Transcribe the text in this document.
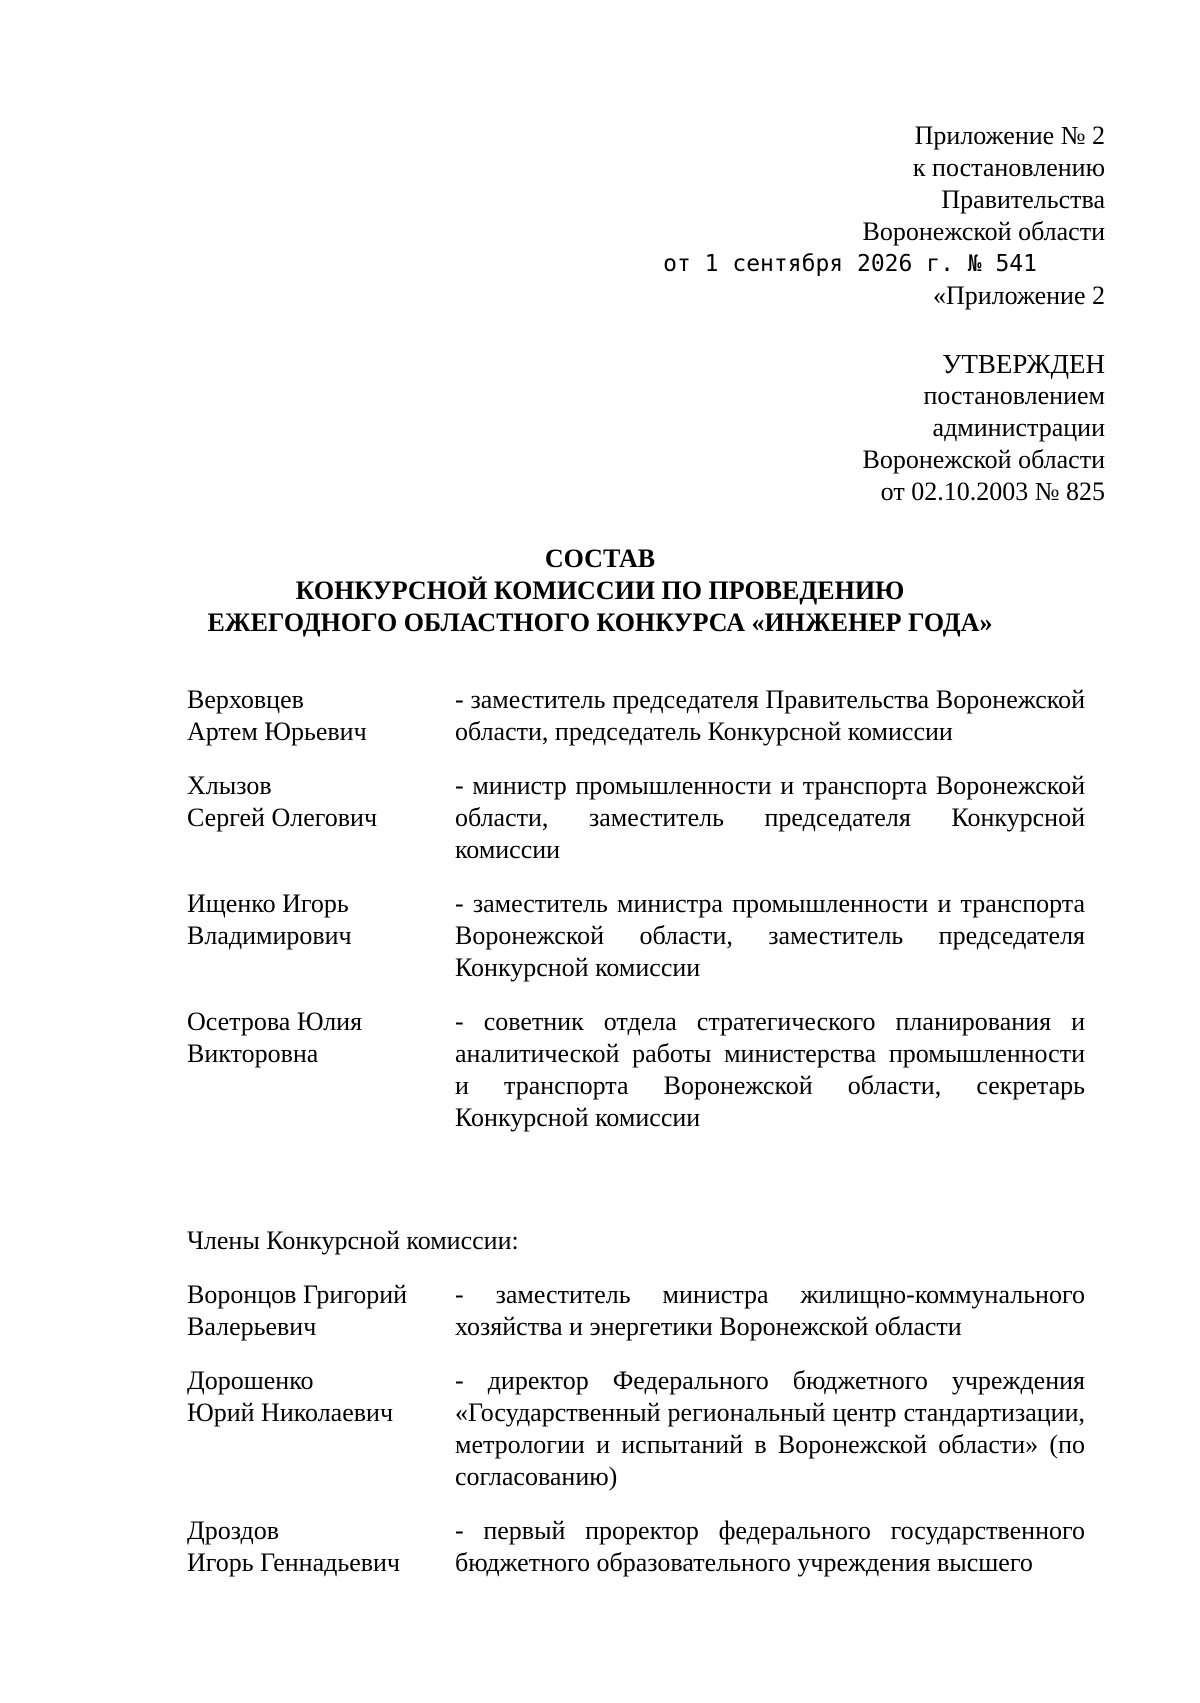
Приложение № 2
к постановлению
Правительства
Воронежской области
от 1 сентября 2026 г. № 541
«Приложение 2
УТВЕРЖДЕН
постановлением
администрации
Воронежской области
от 02.10.2003 № 825
СОСТАВ
КОНКУРСНОЙ КОМИССИИ ПО ПРОВЕДЕНИЮ
ЕЖЕГОДНОГО ОБЛАСТНОГО КОНКУРСА «ИНЖЕНЕР ГОДА»
Верховцев
Артем Юрьевич
- заместитель председателя Правительства Воронежской области, председатель Конкурсной комиссии
Хлызов
Сергей Олегович
- министр промышленности и транспорта Воронежской области, заместитель председателя Конкурсной комиссии
Ищенко Игорь
Владимирович
- заместитель министра промышленности и транспорта Воронежской области, заместитель председателя Конкурсной комиссии
Осетрова Юлия
Викторовна
- советник отдела стратегического планирования и аналитической работы министерства промышленности и транспорта Воронежской области, секретарь Конкурсной комиссии
Члены Конкурсной комиссии:
Воронцов Григорий
Валерьевич
- заместитель министра жилищно-коммунального хозяйства и энергетики Воронежской области
Дорошенко
Юрий Николаевич
- директор Федерального бюджетного учреждения «Государственный региональный центр стандартизации, метрологии и испытаний в Воронежской области» (по согласованию)
Дроздов
Игорь Геннадьевич
- первый проректор федерального государственного бюджетного образовательного учреждения высшего
